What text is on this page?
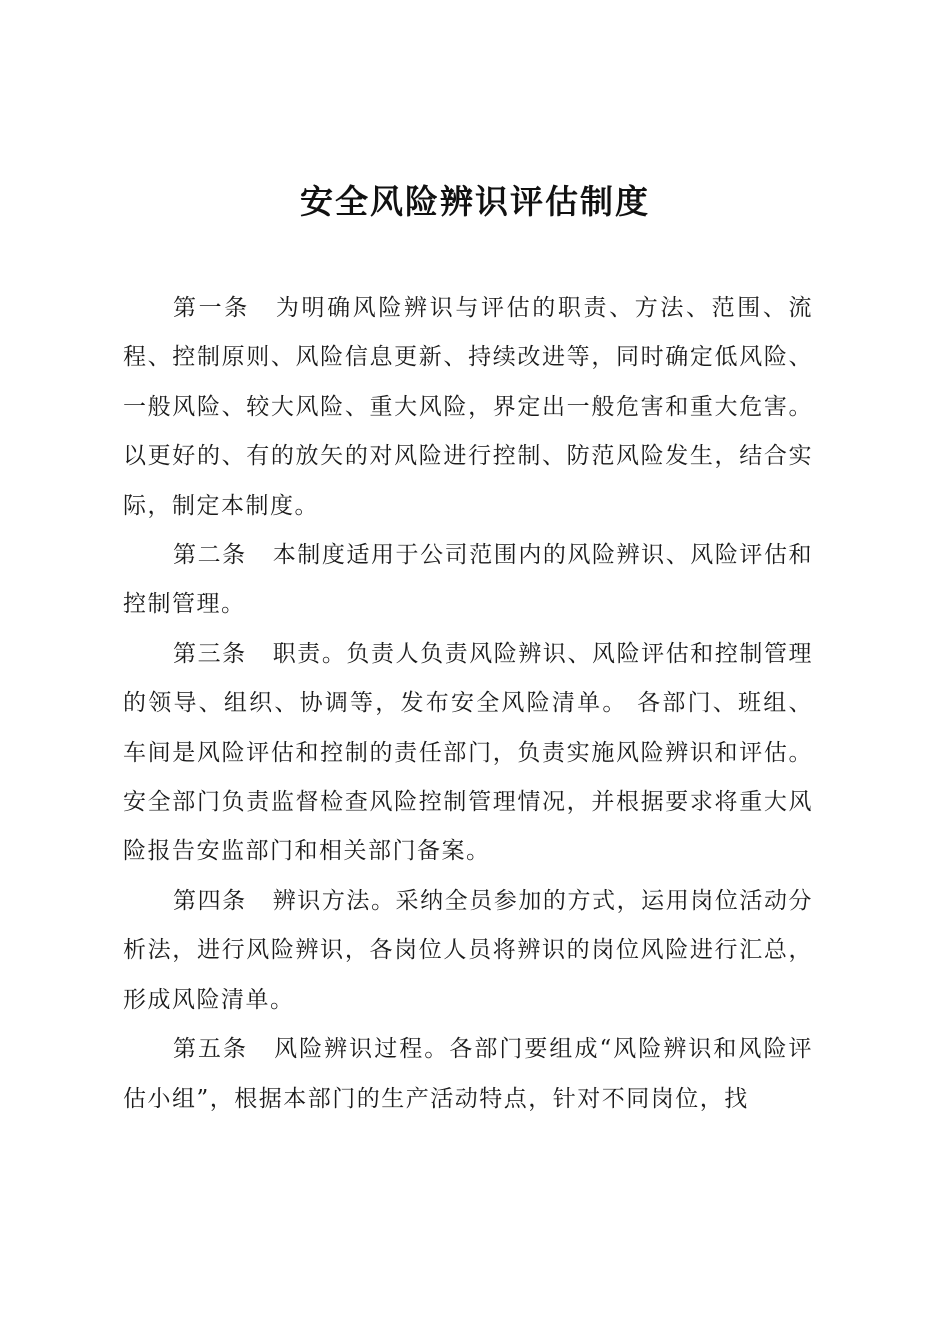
安全风险辨识评估制度

第一条 为明确风险辨识与评估的职责、方法、范围、流程、控制原则、风险信息更新、持续改进等，同时确定低风险、一般风险、较大风险、重大风险，界定出一般危害和重大危害。以更好的、有的放矢的对风险进行控制、防范风险发生，结合实际，制定本制度。

第二条 本制度适用于公司范围内的风险辨识、风险评估和控制管理。

第三条 职责。负责人负责风险辨识、风险评估和控制管理的领导、组织、协调等，发布安全风险清单。 各部门、班组、车间是风险评估和控制的责任部门，负责实施风险辨识和评估。安全部门负责监督检查风险控制管理情况，并根据要求将重大风险报告安监部门和相关部门备案。

第四条 辨识方法。采纳全员参加的方式，运用岗位活动分析法，进行风险辨识，各岗位人员将辨识的岗位风险进行汇总，形成风险清单。

第五条 风险辨识过程。各部门要组成“风险辨识和风险评估小组”，根据本部门的生产活动特点，针对不同岗位，找
